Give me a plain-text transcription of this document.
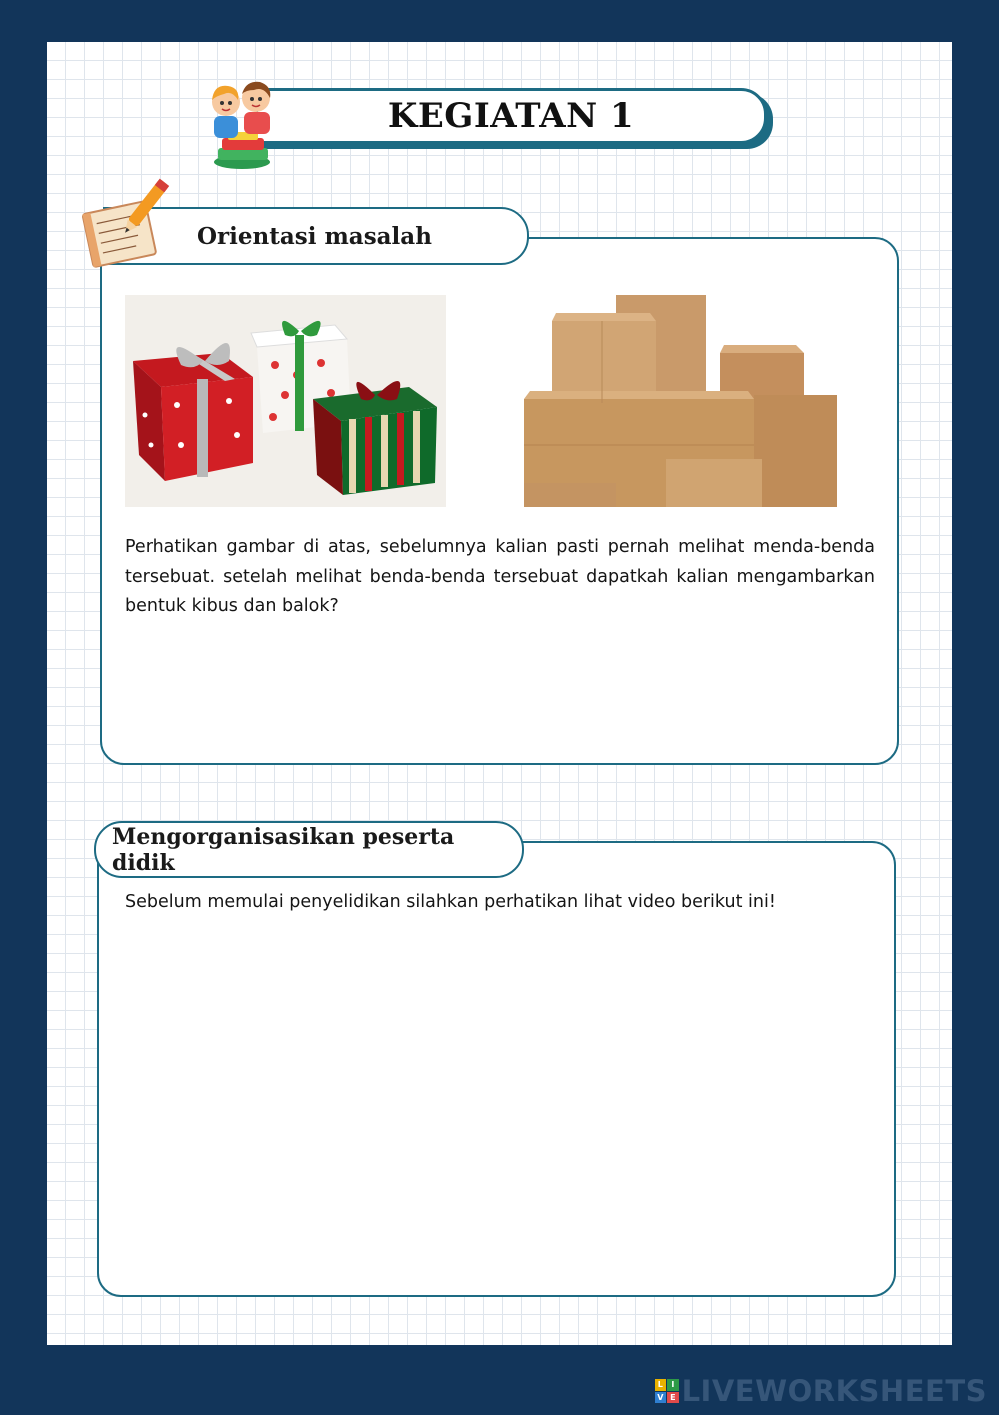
KEGIATAN 1
Orientasi masalah
Perhatikan gambar di atas, sebelumnya kalian pasti pernah melihat menda-benda tersebuat. setelah melihat benda-benda tersebuat dapatkah kalian mengambarkan bentuk kibus dan balok?
Mengorganisasikan peserta didik
Sebelum memulai penyelidikan silahkan perhatikan lihat video berikut ini!
L	I
V E LIVEWORKSHEETS
